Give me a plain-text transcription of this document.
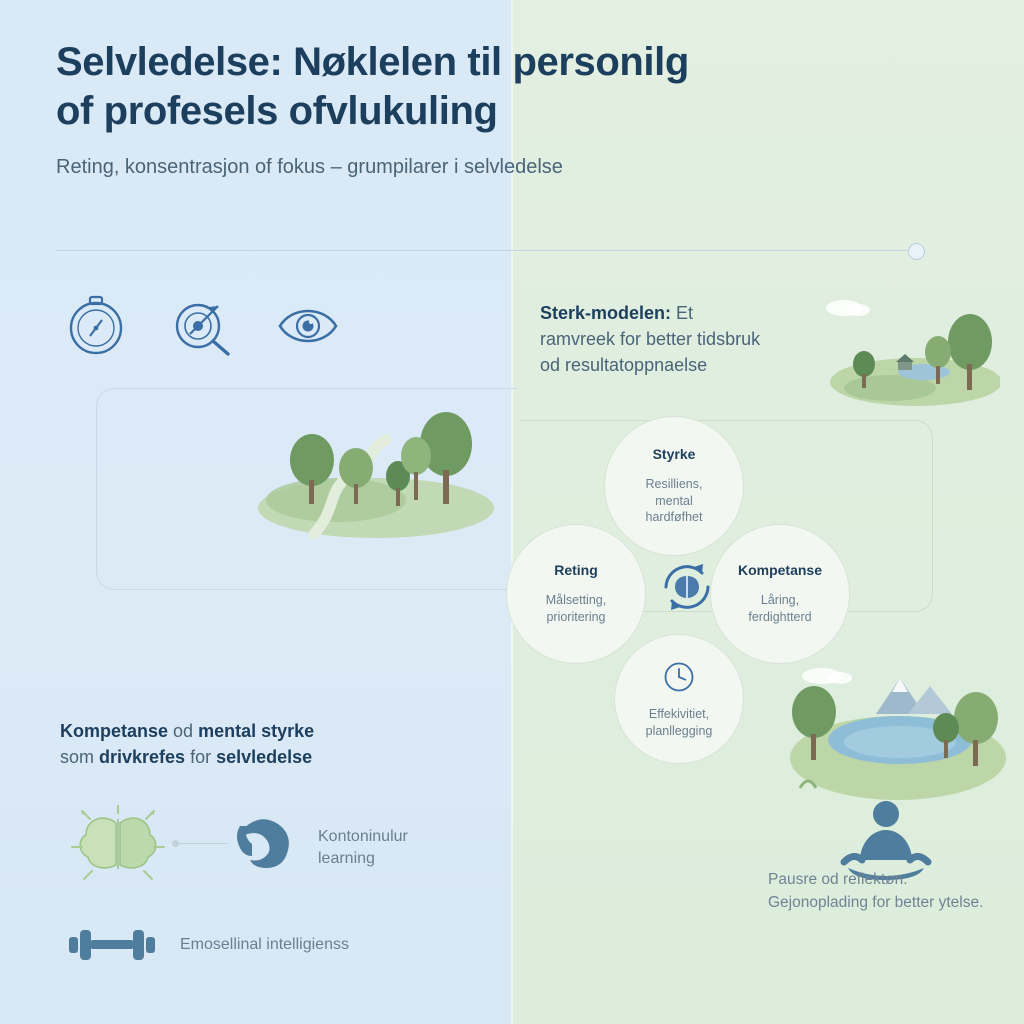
Selvledelse: Nøklelen til personilg
of profesels ofvlukuling

Reting, konsentrasjon of fokus – grumpilarer i selvledelse

Sterk-modelen: Et
ramvreek for better tidsbruk
od resultatoppnaelse
Styrke
Resilliens,
mental
hardføfhet
Reting
Målsetting,
prioritering
Kompetanse
Låring,
ferdightterd
Effekivitiet,
planllegging
Kompetanse od mental styrke
som drivkrefes for selvledelse
Kontoninulur
learning
Emosellinal intelligienss
Pausre od reflektøn:
Gejonoplading for better ytelse.
